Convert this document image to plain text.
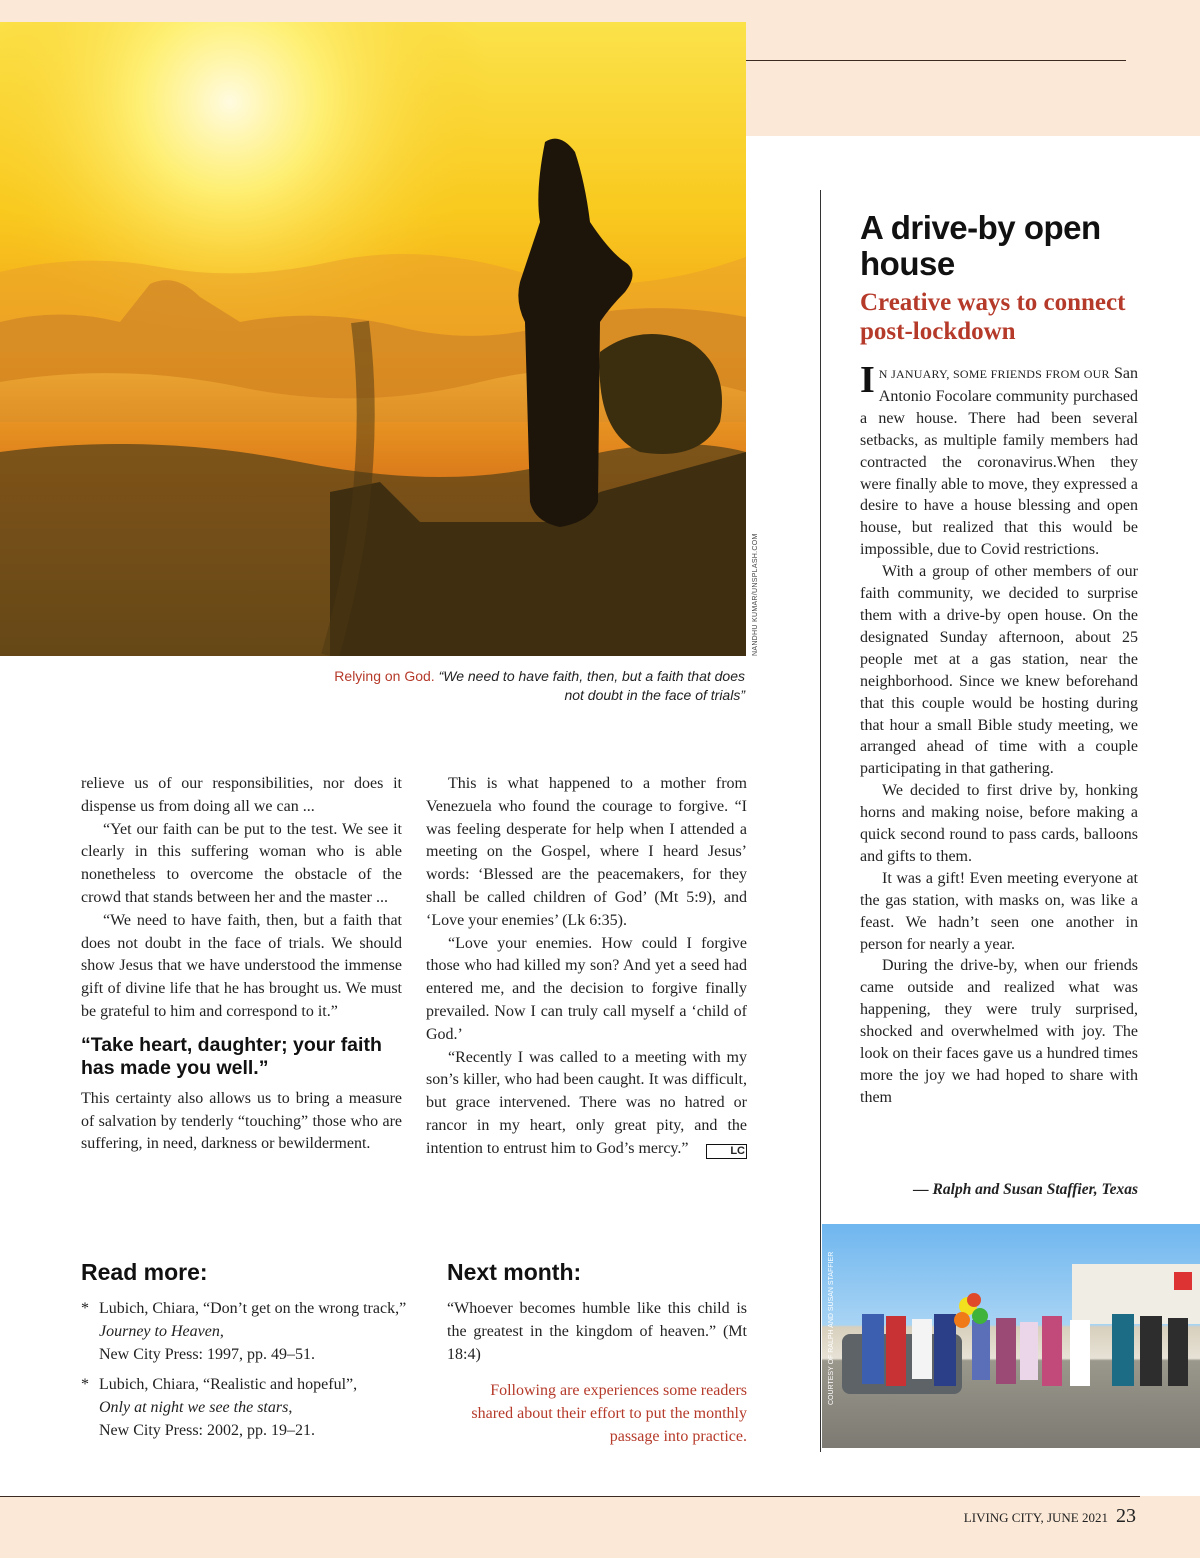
NANDHU KUMAR/UNSPLASH.COM
Relying on God. “We need to have faith, then, but a faith that does not doubt in the face of trials”

relieve us of our responsibilities, nor does it dispense us from doing all we can ...

“Yet our faith can be put to the test. We see it clearly in this suffering woman who is able nonetheless to overcome the obstacle of the crowd that stands between her and the master ...

“We need to have faith, then, but a faith that does not doubt in the face of trials. We should show Jesus that we have understood the immense gift of divine life that he has brought us. We must be grateful to him and correspond to it.”

“Take heart, daughter; your faith has made you well.”

This certainty also allows us to bring a measure of salvation by tenderly “touching” those who are suffering, in need, darkness or bewilderment.

This is what happened to a mother from Venezuela who found the courage to forgive. “I was feeling desperate for help when I attended a meeting on the Gospel, where I heard Jesus’ words: ‘Blessed are the peacemakers, for they shall be called children of God’ (Mt 5:9), and ‘Love your enemies’ (Lk 6:35).

“Love your enemies. How could I forgive those who had killed my son? And yet a seed had entered me, and the decision to forgive finally prevailed. Now I can truly call myself a ‘child of God.’

“Recently I was called to a meeting with my son’s killer, who had been caught. It was difficult, but grace intervened. There was no hatred or rancor in my heart, only great pity, and the intention to entrust him to God’s mercy.”	LC

Read more:
* Lubich, Chiara, “Don’t get on the wrong track,”
Journey to Heaven,
New City Press: 1997, pp. 49–51.
* Lubich, Chiara, “Realistic and hopeful”,
Only at night we see the stars,
New City Press: 2002, pp. 19–21.
Next month:
“Whoever becomes humble like this child is the greatest in the kingdom of heaven.” (Mt 18:4)
Following are experiences some readers shared about their effort to put the monthly passage into practice.
A drive-by open house
Creative ways to connect post-lockdown

I N JANUARY, SOME FRIENDS FROM OUR San Antonio Focolare community purchased a new house. There had been several setbacks, as multiple family members had contracted the coronavirus.When they were finally able to move, they expressed a desire to have a house blessing and open house, but realized that this would be impossible, due to Covid restrictions.

With a group of other members of our faith community, we decided to surprise them with a drive-by open house. On the designated Sunday afternoon, about 25 people met at a gas station, near the neighborhood. Since we knew beforehand that this couple would be hosting during that hour a small Bible study meeting, we arranged ahead of time with a couple participating in that gathering.

We decided to first drive by, honking horns and making noise, before making a quick second round to pass cards, balloons and gifts to them.

It was a gift! Even meeting everyone at the gas station, with masks on, was like a feast. We hadn’t seen one another in person for nearly a year.

During the drive-by, when our friends came outside and realized what was happening, they were truly surprised, shocked and overwhelmed with joy. The look on their faces gave us a hundred times more the joy we had hoped to share with them

— Ralph and Susan Staffier, Texas
COURTESY OF RALPH AND SUSAN STAFFIER
LIVING CITY, JUNE 2021 23
